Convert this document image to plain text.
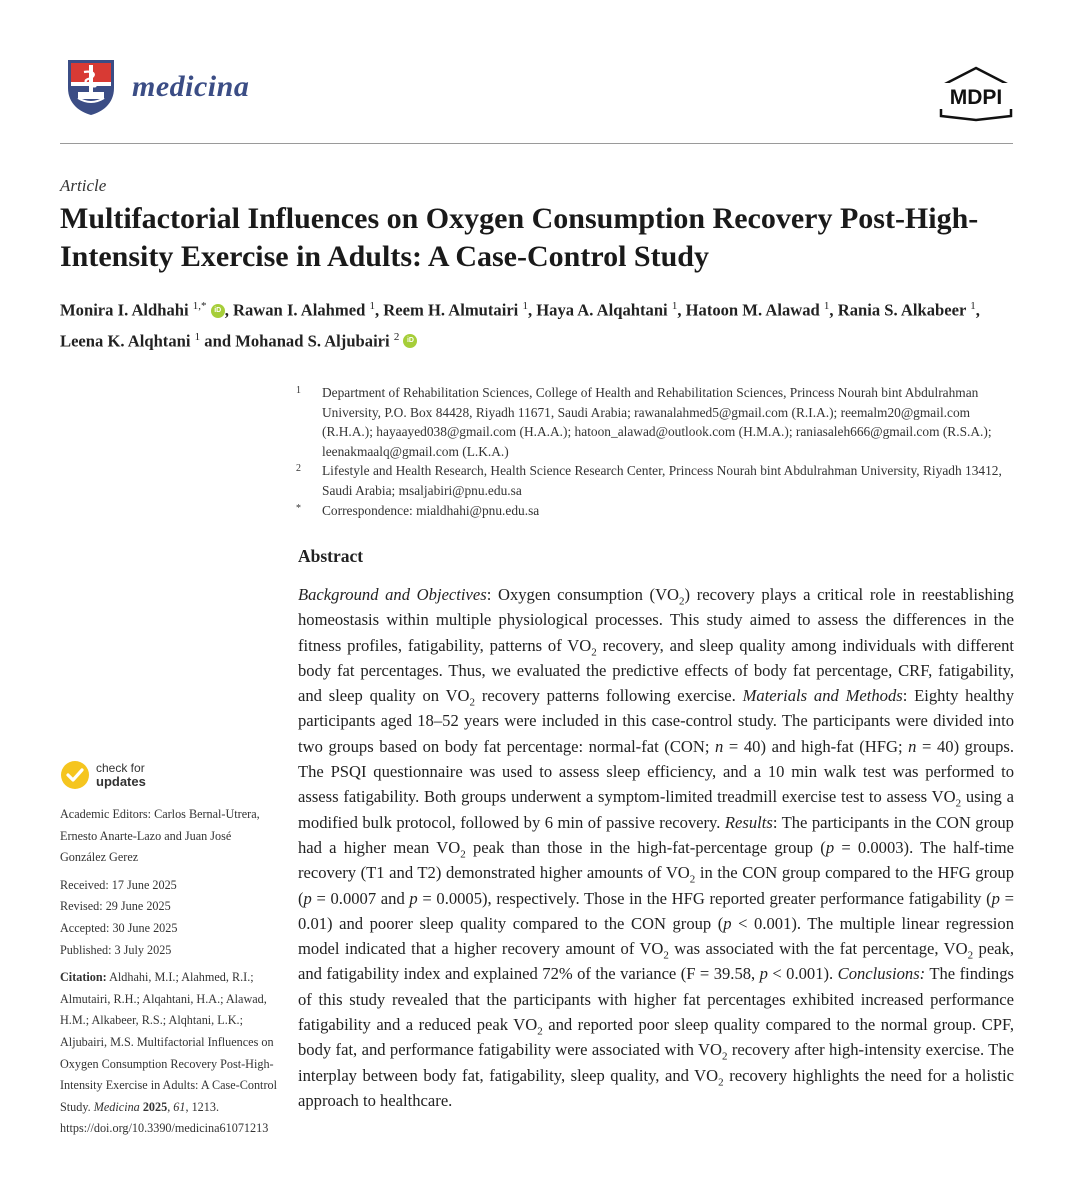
medicina	MDPI
Article
Multifactorial Influences on Oxygen Consumption Recovery Post-High-Intensity Exercise in Adults: A Case-Control Study
Monira I. Aldhahi $^{1,*}$ iD , Rawan I. Alahmed $^1$, Reem H. Almutairi $^1$, Haya A. Alqahtani $^1$, Hatoon M. Alawad $^1$, Rania S. Alkabeer $^1$, Leena K. Alqhtani $^1$ and Mohanad S. Aljubairi $^2$ iD
1 Department of Rehabilitation Sciences, College of Health and Rehabilitation Sciences, Princess Nourah bint Abdulrahman University, P.O. Box 84428, Riyadh 11671, Saudi Arabia; rawanalahmed5@gmail.com (R.I.A.); reemalm20@gmail.com (R.H.A.); hayaayed038@gmail.com (H.A.A.); hatoon_alawad@outlook.com (H.M.A.); raniasaleh666@gmail.com (R.S.A.); leenakmaalq@gmail.com (L.K.A.)
2 Lifestyle and Health Research, Health Science Research Center, Princess Nourah bint Abdulrahman University, Riyadh 13412, Saudi Arabia; msaljabiri@pnu.edu.sa
* Correspondence: mialdhahi@pnu.edu.sa
Abstract

Background and Objectives: Oxygen consumption $(VO_2)$ recovery plays a critical role in reestablishing homeostasis within multiple physiological processes. This study aimed to assess the differences in the fitness profiles, fatigability, patterns of $VO_2$ recovery, and sleep quality among individuals with different body fat percentages. Thus, we evaluated the predictive effects of body fat percentage, CRF, fatigability, and sleep quality on $VO_2$ recovery patterns following exercise. Materials and Methods: Eighty healthy participants aged 18–52 years were included in this case-control study. The participants were divided into two groups based on body fat percentage: normal-fat (CON; n = 40) and high-fat (HFG; n = 40) groups. The PSQI questionnaire was used to assess sleep efficiency, and a 10 min walk test was performed to assess fatigability. Both groups underwent a symptom-limited treadmill exercise test to assess $VO_2$ using a modified bulk protocol, followed by 6 min of passive recovery. Results: The participants in the CON group had a higher mean $VO_2$ peak than those in the high-fat-percentage group (p = 0.0003). The half-time recovery (T1 and T2) demonstrated higher amounts of $VO_2$ in the CON group compared to the HFG group (p = 0.0007 and p = 0.0005), respectively. Those in the HFG reported greater performance fatigability (p = 0.01) and poorer sleep quality compared to the CON group (p < 0.001). The multiple linear regression model indicated that a higher recovery amount of $VO_2$ was associated with the fat percentage, $VO_2$ peak, and fatigability index and explained 72% of the variance (F = 39.58, p < 0.001). Conclusions: The findings of this study revealed that the participants with higher fat percentages exhibited increased performance fatigability and a reduced peak $VO_2$ and reported poor sleep quality compared to the normal group. CPF, body fat, and performance fatigability were associated with $VO_2$ recovery after high-intensity exercise. The interplay between body fat, fatigability, sleep quality, and $VO_2$ recovery highlights the need for a holistic approach to healthcare.

check for
updates
Academic Editors: Carlos Bernal-Utrera, Ernesto Anarte-Lazo and Juan José González Gerez
Received: 17 June 2025
Revised: 29 June 2025
Accepted: 30 June 2025
Published: 3 July 2025
Citation: Aldhahi, M.I.; Alahmed, R.I.; Almutairi, R.H.; Alqahtani, H.A.; Alawad, H.M.; Alkabeer, R.S.; Alqhtani, L.K.; Aljubairi, M.S. Multifactorial Influences on Oxygen Consumption Recovery Post-High-Intensity Exercise in Adults: A Case-Control Study. Medicina 2025, 61, 1213. https://doi.org/10.3390/medicina61071213
